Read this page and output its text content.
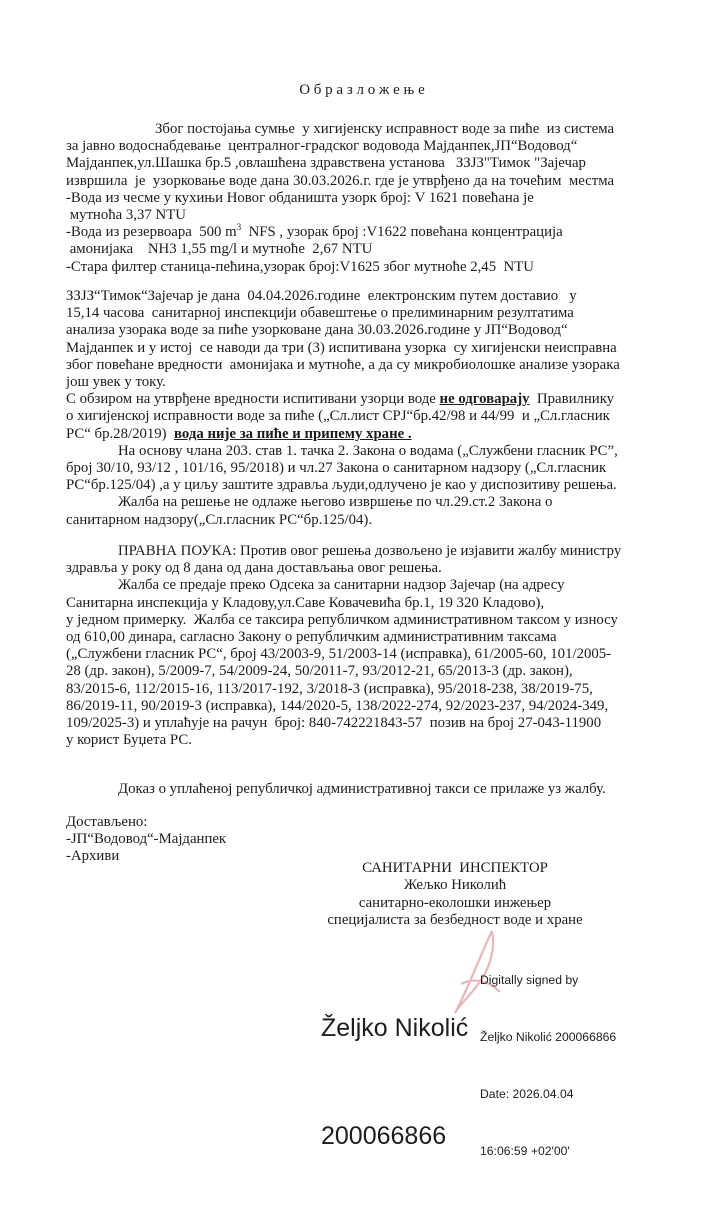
О б р а з л о ж е њ е
Због постојања сумње  у хигијенску исправност воде за пиће  из система
за јавно водоснабдевање  централног-градског водовода Мајданпек,ЈП“Водовод“
Мајданпек,ул.Шашка бр.5 ,овлашћена здравствена установа   ЗЗЈЗ"Тимок "Зајечар
извршила  је  узорковање воде дана 30.03.2026.г. где је утврђено да на точећим  местма
-Вода из чесме у кухињи Новог обданишта узорк број: V 1621 повећана је
мутноћа 3,37 NTU
-Вода из резервоара  500 $m^3$  NFS , узорак број :V1622 повећана концентрација
амонијака    NH3 1,55 mg/l и мутноће  2,67 NTU
-Стара филтер станица-пећина,узорак број:V1625 због мутноће 2,45  NTU
ЗЗЈЗ“Тимок“Зајечар је дана  04.04.2026.године  електронским путем доставио   у
15,14 часова  санитарној инспекцији обавештење о прелиминарним резултатима
анализа узорака воде за пиће узорковане дана 30.03.2026.године у ЈП“Водовод“
Мајданпек и у истој  се наводи да три (3) испитивана узорка  су хигијенски неисправна
због повећане вредности  амонијака и мутноће, а да су микробиолошке анализе узорака
још увек у току.
С обзиром на утврђене вредности испитивани узорци воде не одговарају  Правилнику
о хигијенској исправности воде за пиће („Сл.лист СРЈ“бр.42/98 и 44/99  и „Сл.гласник
РС“ бр.28/2019)  вода није за пиће и припему хране .
На основу члана 203. став 1. тачка 2. Закона о водама („Службени гласник РС”,
број 30/10, 93/12 , 101/16, 95/2018) и чл.27 Закона о санитарном надзору („Сл.гласник
РС“бр.125/04) ,а у циљу заштите здравља људи,одлучено је као у диспозитиву решења.
Жалба на решење не одлаже његово извршење по чл.29.ст.2 Закона о
санитарном надзору(„Сл.гласник РС“бр.125/04).
ПРАВНА ПОУКА: Против овог решења дозвољено је изјавити жалбу министру
здравља у року од 8 дана од дана достављања овог решења.
Жалба се предаје преко Одсека за санитарни надзор Зајечар (на адресу
Санитарна инспекција у Кладову,ул.Саве Ковачевића бр.1, 19 320 Кладово),
у једном примерку.  Жалба се таксира републичком административном таксом у износу
од 610,00 динара, сагласно Закону о републичким административним таксама
(„Службени гласник РС“, број 43/2003-9, 51/2003-14 (исправка), 61/2005-60, 101/2005-
28 (др. закон), 5/2009-7, 54/2009-24, 50/2011-7, 93/2012-21, 65/2013-3 (др. закон),
83/2015-6, 112/2015-16, 113/2017-192, 3/2018-3 (исправка), 95/2018-238, 38/2019-75,
86/2019-11, 90/2019-3 (исправка), 144/2020-5, 138/2022-274, 92/2023-237, 94/2024-349,
109/2025-3) и уплаћује на рачун  број: 840-742221843-57  позив на број 27-043-11900
у корист Буџета РС.
Доказ о уплаћеној републичкој административној такси се прилаже уз жалбу.
Достављено:
-ЈП“Водовод“-Мајданпек
-Архиви
САНИТАРНИ  ИНСПЕКТОР
Жељко Николић
санитарно-еколошки инжењер
специјалиста за безбедност воде и хране

Željko Nikolić

200066866

Digitally signed by

Željko Nikolić 200066866

Date: 2026.04.04

16:06:59 +02'00'
